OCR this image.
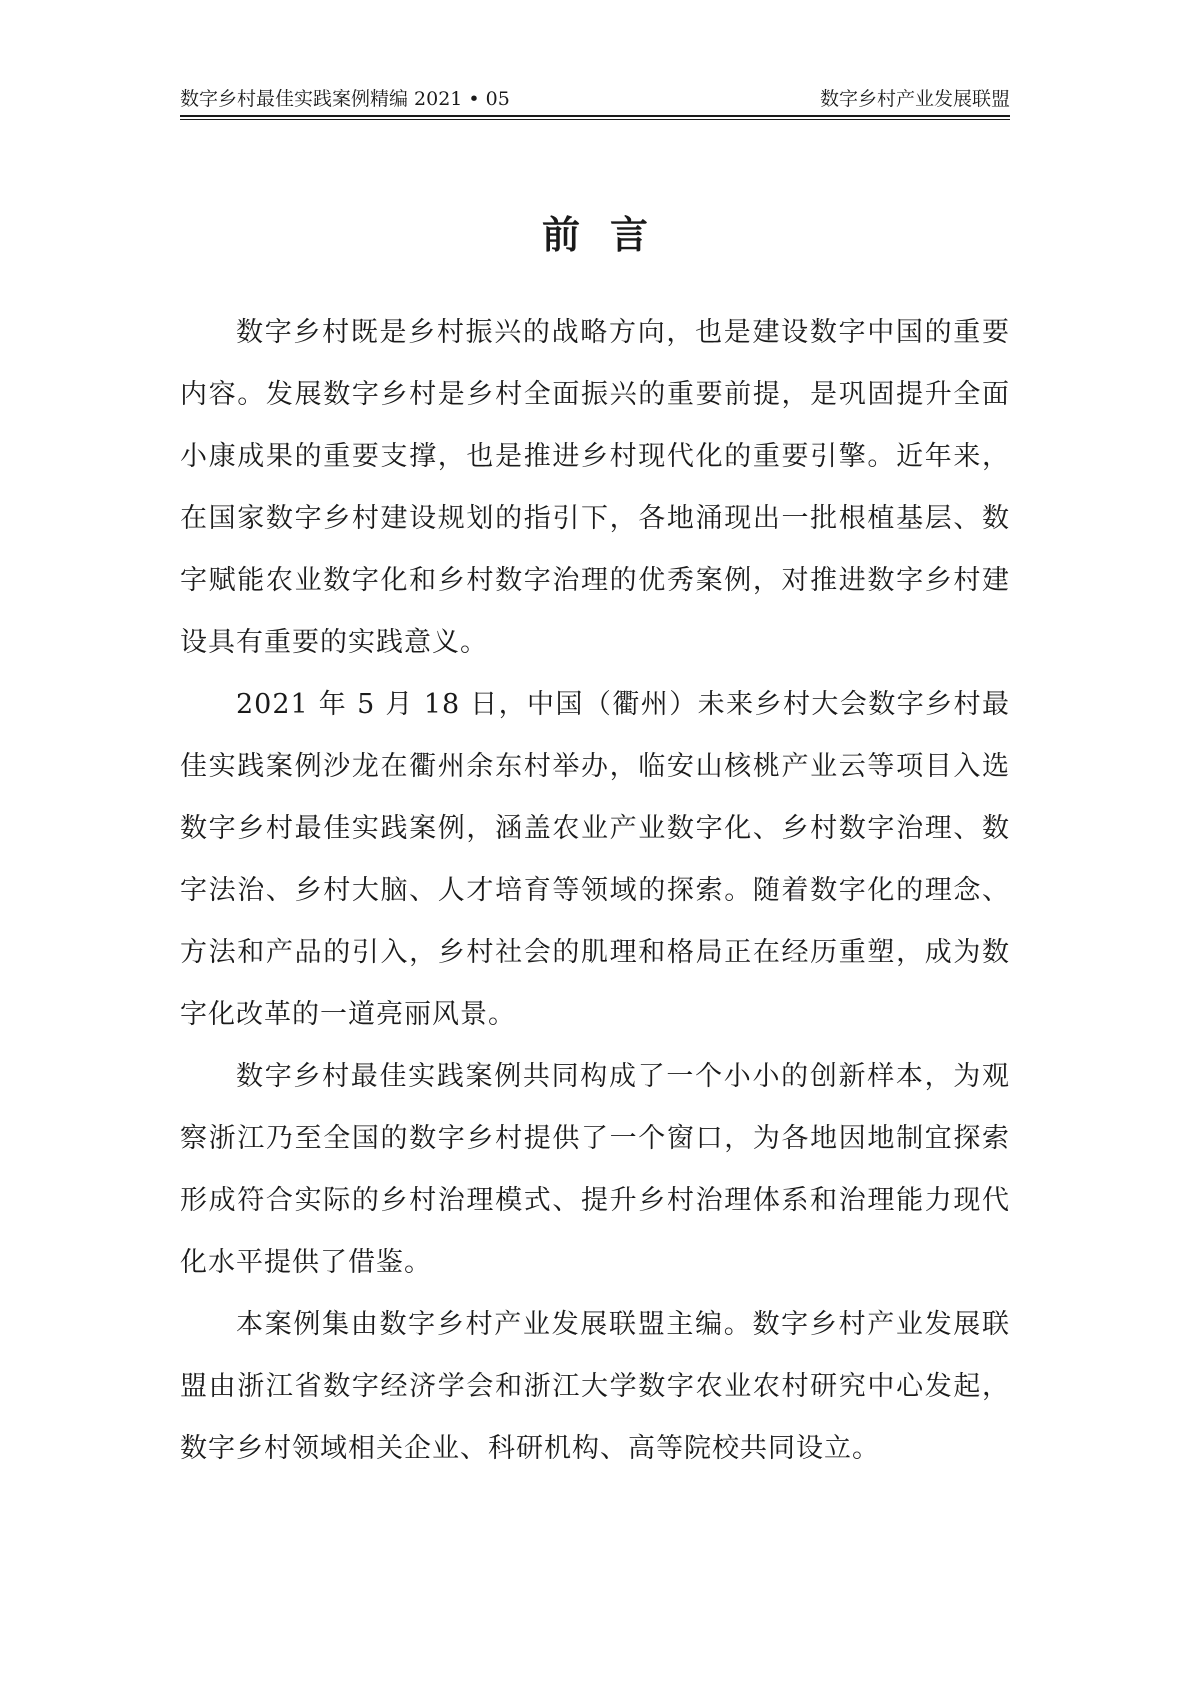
数字乡村最佳实践案例精编 2021 • 05	数字乡村产业发展联盟
前言

数字乡村既是乡村振兴的战略方向，也是建设数字中国的重要内容。发展数字乡村是乡村全面振兴的重要前提，是巩固提升全面小康成果的重要支撑，也是推进乡村现代化的重要引擎。近年来，在国家数字乡村建设规划的指引下，各地涌现出一批根植基层、数字赋能农业数字化和乡村数字治理的优秀案例，对推进数字乡村建设具有重要的实践意义。

2021 年 5 月 18 日，中国（衢州）未来乡村大会数字乡村最佳实践案例沙龙在衢州余东村举办，临安山核桃产业云等项目入选数字乡村最佳实践案例，涵盖农业产业数字化、乡村数字治理、数字法治、乡村大脑、人才培育等领域的探索。随着数字化的理念、方法和产品的引入，乡村社会的肌理和格局正在经历重塑，成为数字化改革的一道亮丽风景。

数字乡村最佳实践案例共同构成了一个小小的创新样本，为观察浙江乃至全国的数字乡村提供了一个窗口，为各地因地制宜探索形成符合实际的乡村治理模式、提升乡村治理体系和治理能力现代化水平提供了借鉴。

本案例集由数字乡村产业发展联盟主编。数字乡村产业发展联盟由浙江省数字经济学会和浙江大学数字农业农村研究中心发起，数字乡村领域相关企业、科研机构、高等院校共同设立。
